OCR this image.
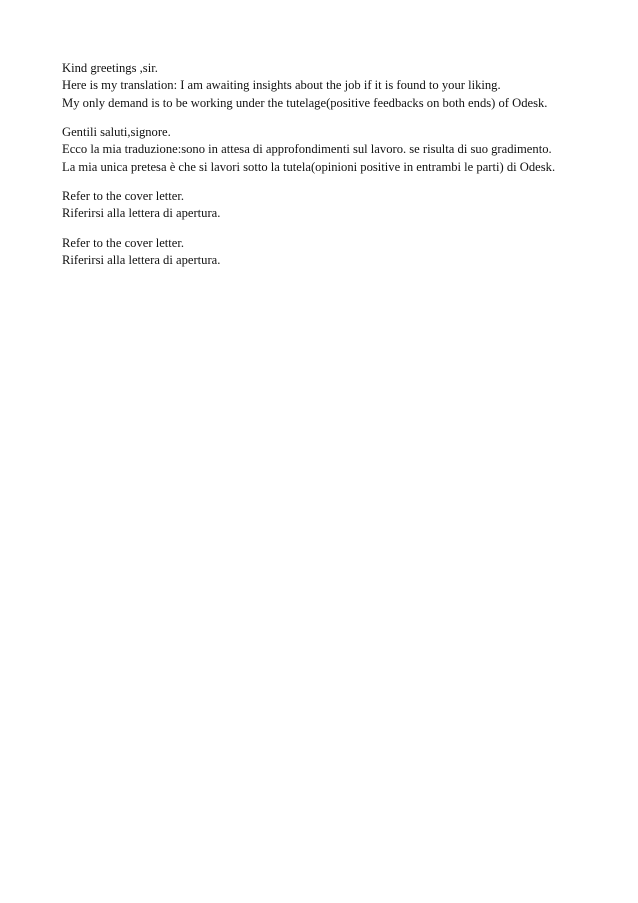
Kind greetings ,sir.
Here is my translation: I am awaiting insights about the job if it is found to your liking.
My only demand is to be working under the tutelage(positive feedbacks on both ends) of Odesk.

Gentili saluti,signore.
Ecco la mia traduzione:sono in attesa di approfondimenti sul lavoro. se risulta di suo gradimento.
La mia unica pretesa è che si lavori sotto la tutela(opinioni positive in entrambi le parti) di Odesk.

Refer to the cover letter.
Riferirsi alla lettera di apertura.

Refer to the cover letter.
Riferirsi alla lettera di apertura.
